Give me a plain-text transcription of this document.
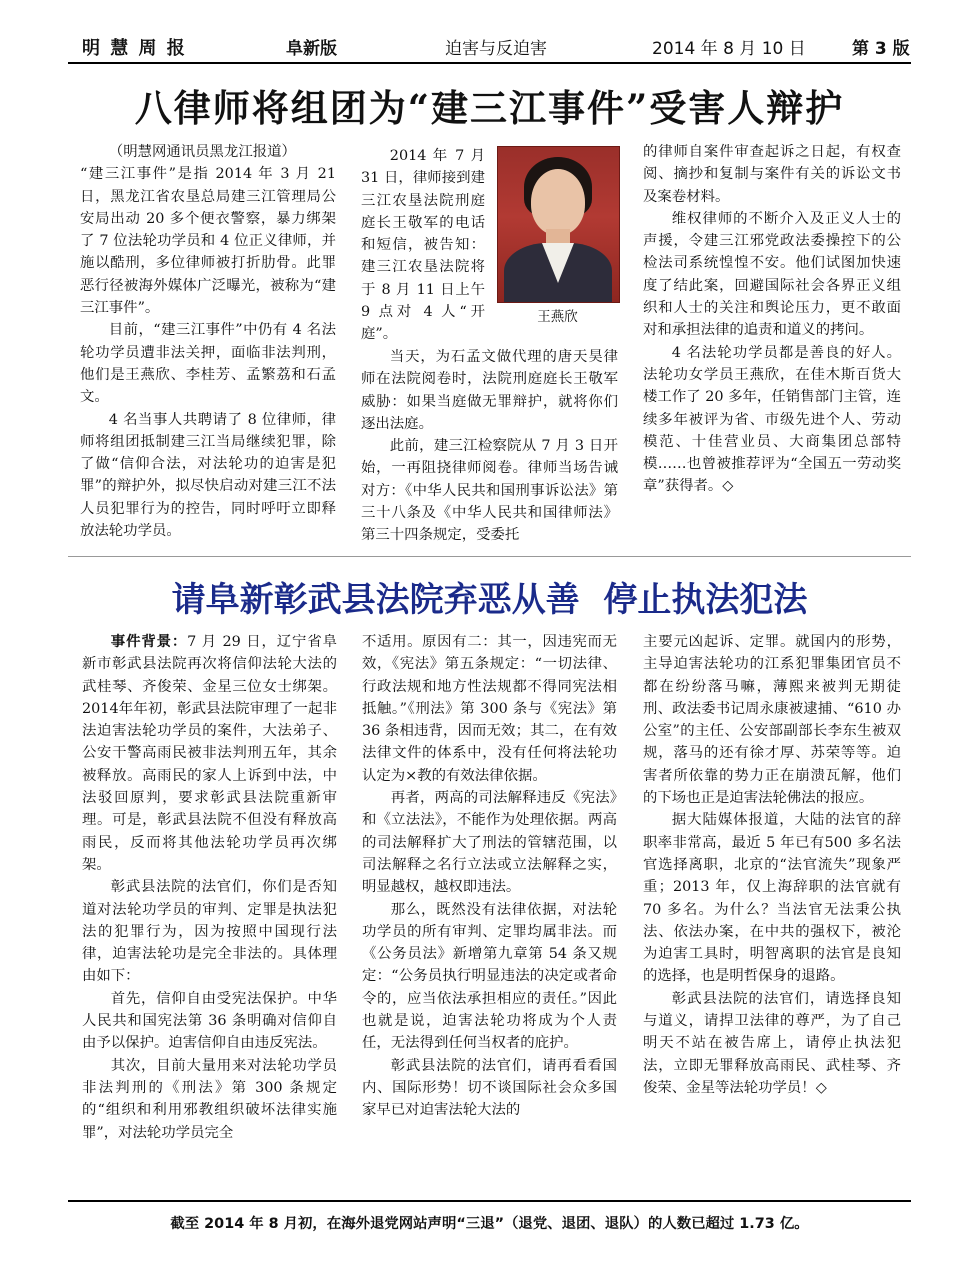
明 慧 周 报	阜新版	迫害与反迫害	2014 年 8 月 10 日	第 3 版
八律师将组团为“建三江事件”受害人辩护

（明慧网通讯员黑龙江报道）

“建三江事件”是指 2014 年 3 月 21 日，黑龙江省农垦总局建三江管理局公安局出动 20 多个便衣警察，暴力绑架了 7 位法轮功学员和 4 位正义律师，并施以酷刑，多位律师被打折肋骨。此罪恶行径被海外媒体广泛曝光，被称为“建三江事件”。

目前，“建三江事件”中仍有 4 名法轮功学员遭非法关押，面临非法判刑，他们是王燕欣、李桂芳、孟繁荔和石孟文。

4 名当事人共聘请了 8 位律师，律师将组团抵制建三江当局继续犯罪，除了做“信仰合法，对法轮功的迫害是犯罪”的辩护外，拟尽快启动对建三江不法人员犯罪行为的控告，同时呼吁立即释放法轮功学员。

2014 年 7 月 31 日，律师接到建三江农垦法院刑庭庭长王敬军的电话和短信，被告知：建三江农垦法院将于 8 月 11 日上午 9 点对 4 人“开庭”。

王燕欣

当天，为石孟文做代理的唐天昊律师在法院阅卷时，法院刑庭庭长王敬军威胁：如果当庭做无罪辩护，就将你们逐出法庭。

此前，建三江检察院从 7 月 3 日开始，一再阻挠律师阅卷。律师当场告诫对方：《中华人民共和国刑事诉讼法》第三十八条及《中华人民共和国律师法》第三十四条规定，受委托

的律师自案件审查起诉之日起，有权查阅、摘抄和复制与案件有关的诉讼文书及案卷材料。

维权律师的不断介入及正义人士的声援，令建三江邪党政法委操控下的公检法司系统惶惶不安。他们试图加快速度了结此案，回避国际社会各界正义组织和人士的关注和舆论压力，更不敢面对和承担法律的追责和道义的拷问。

4 名法轮功学员都是善良的好人。法轮功女学员王燕欣，在佳木斯百货大楼工作了 20 多年，任销售部门主管，连续多年被评为省、市级先进个人、劳动模范、十佳营业员、大商集团总部特模……也曾被推荐评为“全国五一劳动奖章”获得者。◇

请阜新彰武县法院弃恶从善  停止执法犯法

事件背景：7 月 29 日，辽宁省阜新市彰武县法院再次将信仰法轮大法的武桂琴、齐俊荣、金星三位女士绑架。2014年年初，彰武县法院审理了一起非法迫害法轮功学员的案件，大法弟子、公安干警高雨民被非法判刑五年，其余被释放。高雨民的家人上诉到中法，中法驳回原判，要求彰武县法院重新审理。可是，彰武县法院不但没有释放高雨民，反而将其他法轮功学员再次绑架。

彰武县法院的法官们，你们是否知道对法轮功学员的审判、定罪是执法犯法的犯罪行为，因为按照中国现行法律，迫害法轮功是完全非法的。具体理由如下：

首先，信仰自由受宪法保护。中华人民共和国宪法第 36 条明确对信仰自由予以保护。迫害信仰自由违反宪法。

其次，目前大量用来对法轮功学员非法判刑的《刑法》第 300 条规定的“组织和利用邪教组织破坏法律实施罪”，对法轮功学员完全

不适用。原因有二：其一，因违宪而无效，《宪法》第五条规定：“一切法律、行政法规和地方性法规都不得同宪法相抵触。”《刑法》第 300 条与《宪法》第 36 条相违背，因而无效；其二，在有效法律文件的体系中，没有任何将法轮功认定为×教的有效法律依据。

再者，两高的司法解释违反《宪法》和《立法法》，不能作为处理依据。两高的司法解释扩大了刑法的管辖范围，以司法解释之名行立法或立法解释之实，明显越权，越权即违法。

那么，既然没有法律依据，对法轮功学员的所有审判、定罪均属非法。而《公务员法》新增第九章第 54 条又规定：“公务员执行明显违法的决定或者命令的，应当依法承担相应的责任。”因此也就是说，迫害法轮功将成为个人责任，无法得到任何当权者的庇护。

彰武县法院的法官们，请再看看国内、国际形势！切不谈国际社会众多国家早已对迫害法轮大法的

主要元凶起诉、定罪。就国内的形势，主导迫害法轮功的江系犯罪集团官员不都在纷纷落马嘛，薄熙来被判无期徒刑、政法委书记周永康被逮捕、“610 办公室”的主任、公安部副部长李东生被双规，落马的还有徐才厚、苏荣等等。迫害者所依靠的势力正在崩溃瓦解，他们的下场也正是迫害法轮佛法的报应。

据大陆媒体报道，大陆的法官的辞职率非常高，最近 5 年已有500 多名法官选择离职，北京的“法官流失”现象严重；2013 年，仅上海辞职的法官就有 70 多名。为什么？当法官无法秉公执法、依法办案，在中共的强权下，被沦为迫害工具时，明智离职的法官是良知的选择，也是明哲保身的退路。

彰武县法院的法官们，请选择良知与道义，请捍卫法律的尊严，为了自己明天不站在被告席上，请停止执法犯法，立即无罪释放高雨民、武桂琴、齐俊荣、金星等法轮功学员！◇

截至 2014 年 8 月初，在海外退党网站声明“三退”（退党、退团、退队）的人数已超过 1.73 亿。
